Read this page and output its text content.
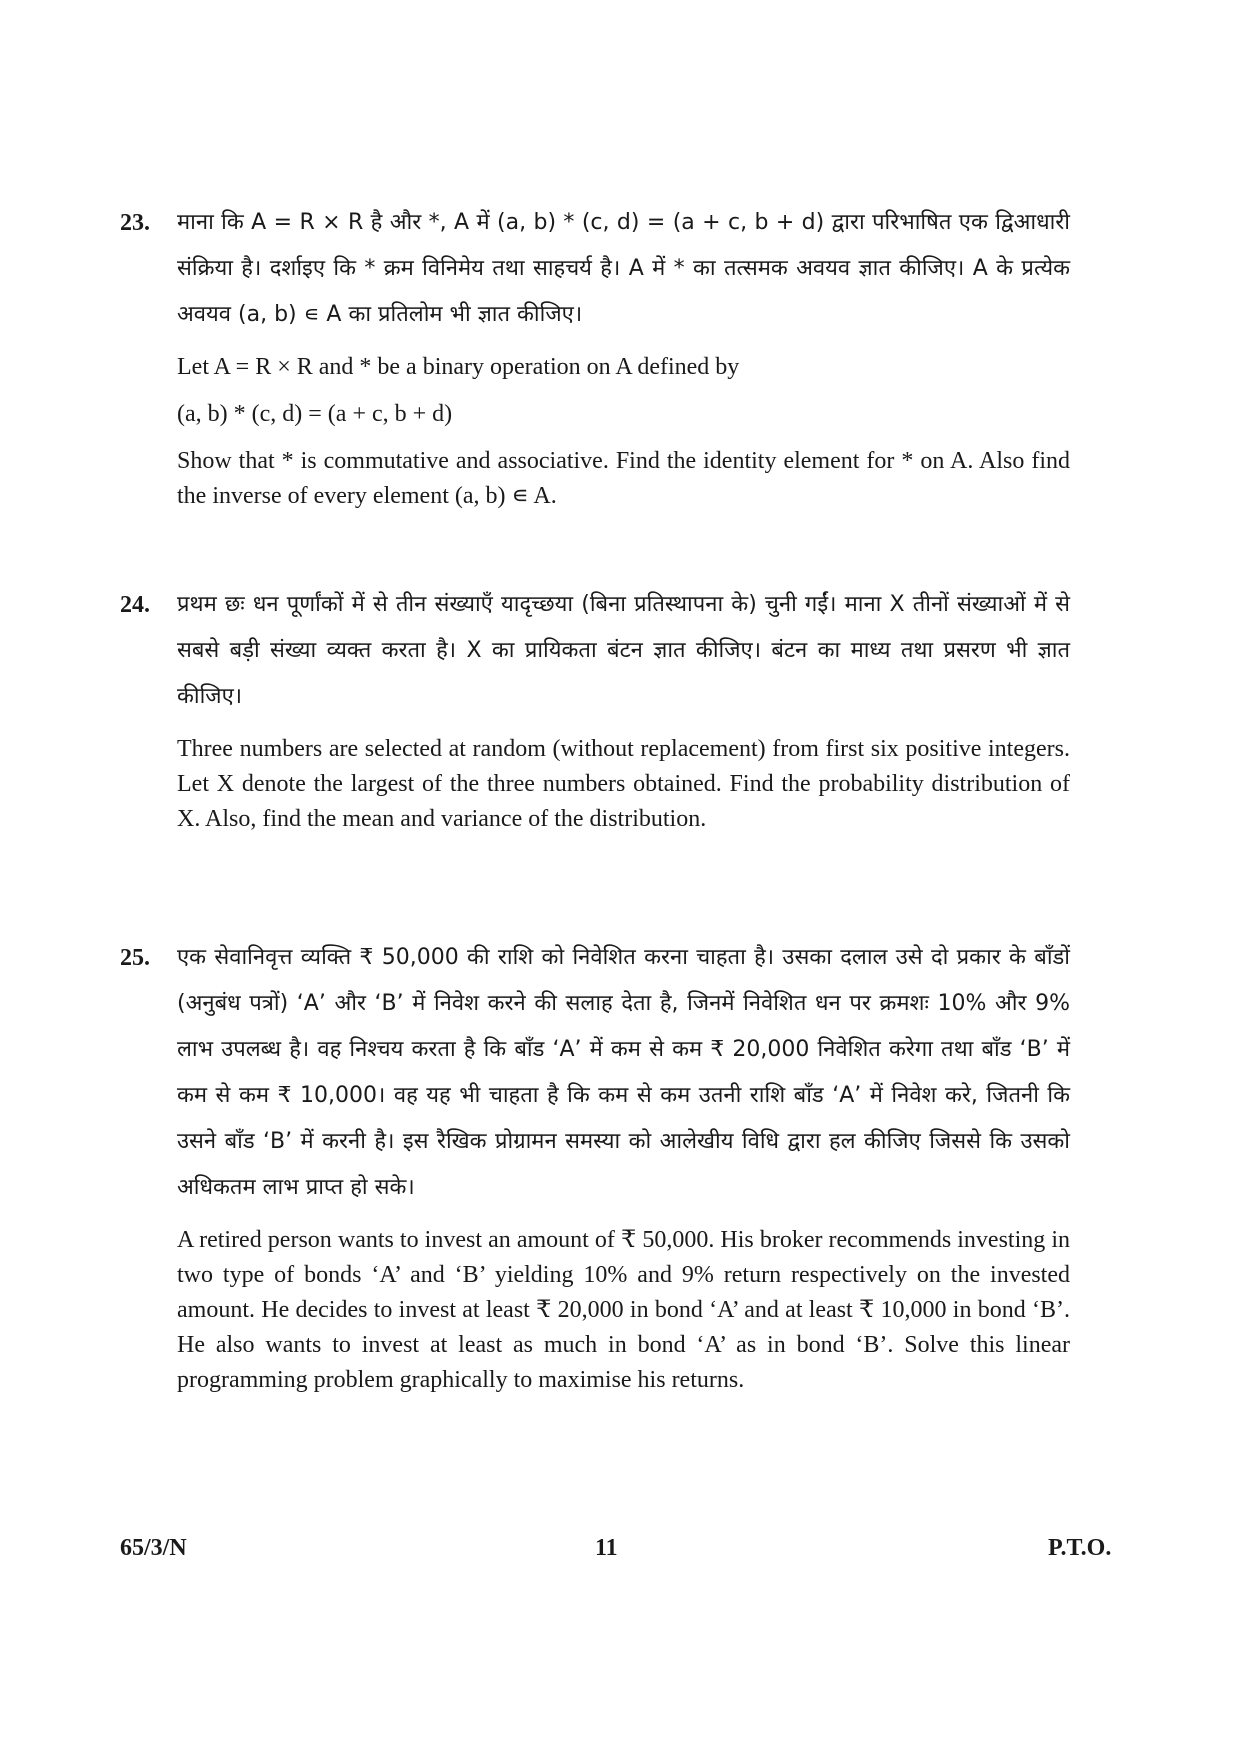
23. माना कि A = R × R है और *, A में (a, b) * (c, d) = (a + c, b + d) द्वारा परिभाषित एक द्विआधारी संक्रिया है। दर्शाइए कि * क्रम विनिमेय तथा साहचर्य है। A में * का तत्समक अवयव ज्ञात कीजिए। A के प्रत्येक अवयव (a, b) ∊ A का प्रतिलोम भी ज्ञात कीजिए।

Let A = R × R and * be a binary operation on A defined by

(a, b) * (c, d) = (a + c, b + d)

Show that * is commutative and associative. Find the identity element for * on A. Also find the inverse of every element (a, b) ∊ A.

24. प्रथम छः धन पूर्णांकों में से तीन संख्याएँ यादृच्छया (बिना प्रतिस्थापना के) चुनी गईं। माना X तीनों संख्याओं में से सबसे बड़ी संख्या व्यक्त करता है। X का प्रायिकता बंटन ज्ञात कीजिए। बंटन का माध्य तथा प्रसरण भी ज्ञात कीजिए।

Three numbers are selected at random (without replacement) from first six positive integers. Let X denote the largest of the three numbers obtained. Find the probability distribution of X. Also, find the mean and variance of the distribution.

25. एक सेवानिवृत्त व्यक्ति ₹ 50,000 की राशि को निवेशित करना चाहता है। उसका दलाल उसे दो प्रकार के बाँडों (अनुबंध पत्रों) ‘A’ और ‘B’ में निवेश करने की सलाह देता है, जिनमें निवेशित धन पर क्रमशः 10% और 9% लाभ उपलब्ध है। वह निश्चय करता है कि बाँड ‘A’ में कम से कम ₹ 20,000 निवेशित करेगा तथा बाँड ‘B’ में कम से कम ₹ 10,000। वह यह भी चाहता है कि कम से कम उतनी राशि बाँड ‘A’ में निवेश करे, जितनी कि उसने बाँड ‘B’ में करनी है। इस रैखिक प्रोग्रामन समस्या को आलेखीय विधि द्वारा हल कीजिए जिससे कि उसको अधिकतम लाभ प्राप्त हो सके।

A retired person wants to invest an amount of ₹ 50,000. His broker recommends investing in two type of bonds ‘A’ and ‘B’ yielding 10% and 9% return respectively on the invested amount. He decides to invest at least ₹ 20,000 in bond ‘A’ and at least ₹ 10,000 in bond ‘B’. He also wants to invest at least as much in bond ‘A’ as in bond ‘B’. Solve this linear programming problem graphically to maximise his returns.

65/3/N	11	P.T.O.
